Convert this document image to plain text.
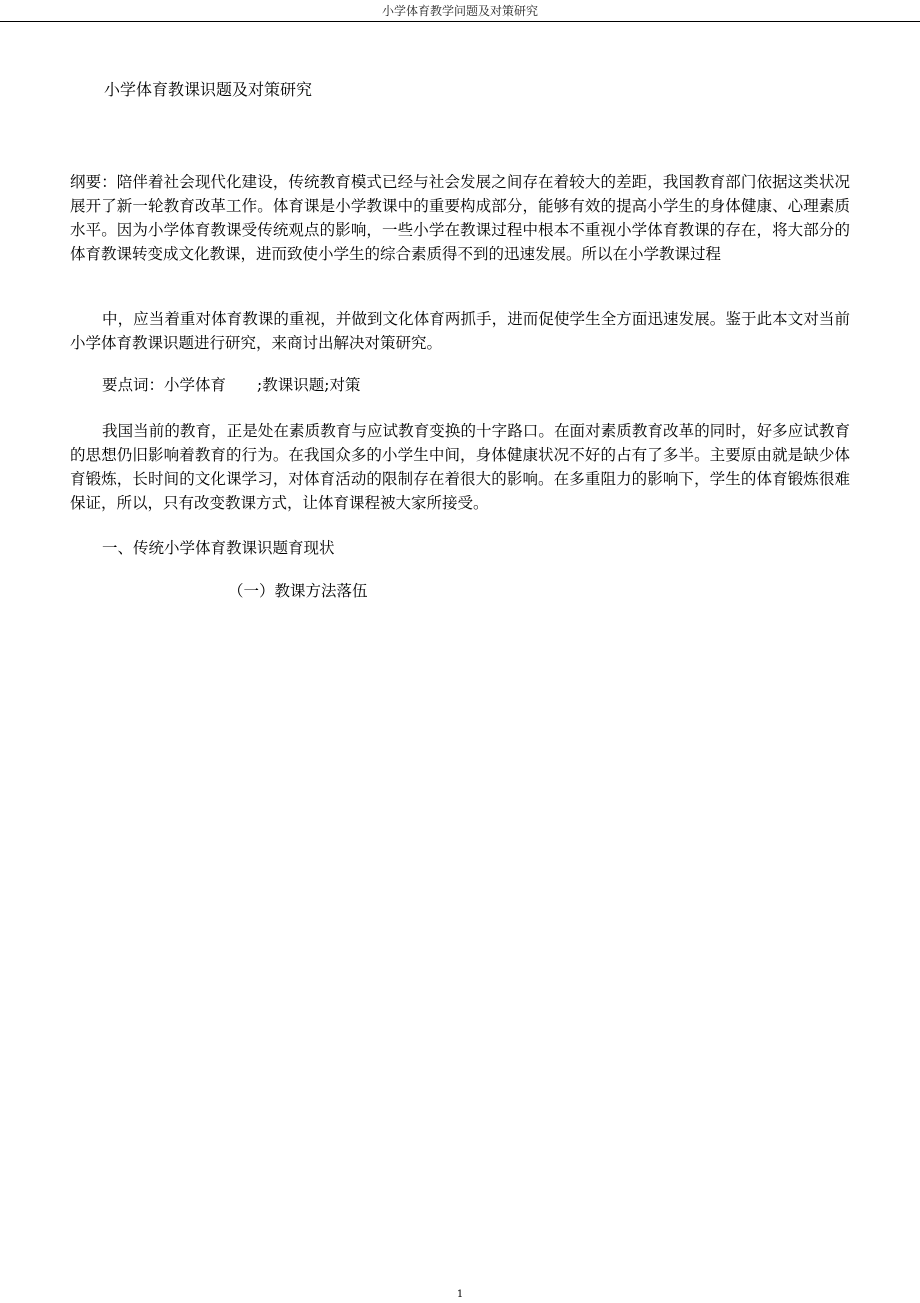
小学体育教学问题及对策研究
小学体育教课识题及对策研究

纲要：陪伴着社会现代化建设，传统教育模式已经与社会发展之间存在着较大的差距，我国教育部门依据这类状况展开了新一轮教育改革工作。体育课是小学教课中的重要构成部分，能够有效的提高小学生的身体健康、心理素质水平。因为小学体育教课受传统观点的影响，一些小学在教课过程中根本不重视小学体育教课的存在，将大部分的体育教课转变成文化教课，进而致使小学生的综合素质得不到的迅速发展。所以在小学教课过程

中，应当着重对体育教课的重视，并做到文化体育两抓手，进而促使学生全方面迅速发展。鉴于此本文对当前小学体育教课识题进行研究，来商讨出解决对策研究。

要点词：小学体育　　;教课识题;对策

我国当前的教育，正是处在素质教育与应试教育变换的十字路口。在面对素质教育改革的同时，好多应试教育的思想仍旧影响着教育的行为。在我国众多的小学生中间，身体健康状况不好的占有了多半。主要原由就是缺少体育锻炼，长时间的文化课学习，对体育活动的限制存在着很大的影响。在多重阻力的影响下，学生的体育锻炼很难保证，所以，只有改变教课方式，让体育课程被大家所接受。

一、传统小学体育教课识题育现状

（一）教课方法落伍
1
